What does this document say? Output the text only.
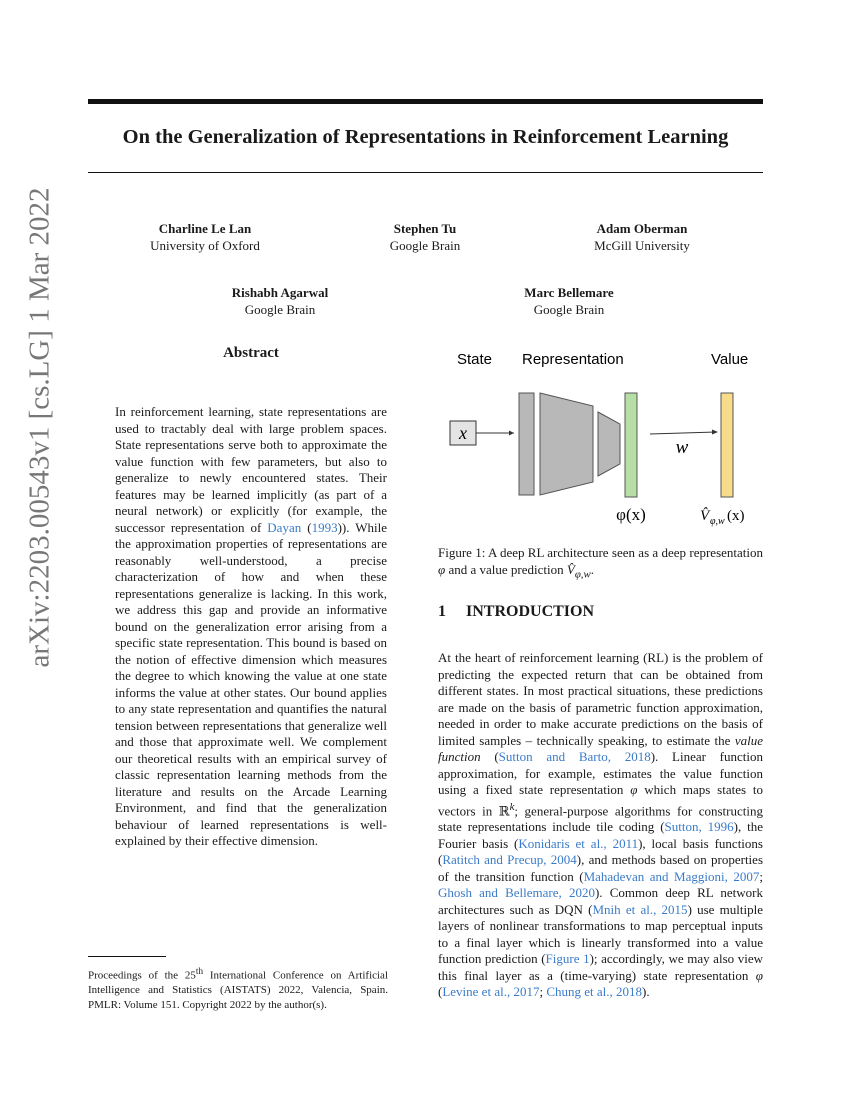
On the Generalization of Representations in Reinforcement Learning
Charline Le Lan
University of Oxford
Stephen Tu
Google Brain
Adam Oberman
McGill University
Rishabh Agarwal
Google Brain
Marc Bellemare
Google Brain
arXiv:2203.00543v1 [cs.LG] 1 Mar 2022	Abstract
In reinforcement learning, state representations are used to tractably deal with large problem spaces. State representations serve both to approximate the value function with few parameters, but also to generalize to newly encountered states. Their features may be learned implicitly (as part of a neural network) or explicitly (for example, the successor representation of Dayan (1993)). While the approximation properties of representations are reasonably well-understood, a precise characterization of how and when these representations generalize is lacking. In this work, we address this gap and provide an informative bound on the generalization error arising from a specific state representation. This bound is based on the notion of effective dimension which measures the degree to which knowing the value at one state informs the value at other states. Our bound applies to any state representation and quantifies the natural tension between representations that generalize well and those that approximate well. We complement our theoretical results with an empirical survey of classic representation learning methods from the literature and results on the Arcade Learning Environment, and find that the generalization behaviour of learned representations is well-explained by their effective dimension.
Proceedings of the 25th International Conference on Artificial Intelligence and Statistics (AISTATS) 2022, Valencia, Spain. PMLR: Volume 151. Copyright 2022 by the author(s).
State Representation	Value
x
w
φ(x)	V̂ φ,w (x)
Figure 1: A deep RL architecture seen as a deep representation φ and a value prediction $V̂_{\varphi,w}$.
1 INTRODUCTION
At the heart of reinforcement learning (RL) is the problem of predicting the expected return that can be obtained from different states. In most practical situations, these predictions are made on the basis of parametric function approximation, needed in order to make accurate predictions on the basis of limited samples – technically speaking, to estimate the value function (Sutton and Barto, 2018). Linear function approximation, for example, estimates the value function using a fixed state representation φ which maps states to vectors in ℝ$^k$; general-purpose algorithms for constructing state representations include tile coding (Sutton, 1996), the Fourier basis (Konidaris et al., 2011), local basis functions (Ratitch and Precup, 2004), and methods based on properties of the transition function (Mahadevan and Maggioni, 2007; Ghosh and Bellemare, 2020). Common deep RL network architectures such as DQN (Mnih et al., 2015) use multiple layers of nonlinear transformations to map perceptual inputs to a final layer which is linearly transformed into a value function prediction (Figure 1); accordingly, we may also view this final layer as a (time-varying) state representation φ (Levine et al., 2017; Chung et al., 2018).
